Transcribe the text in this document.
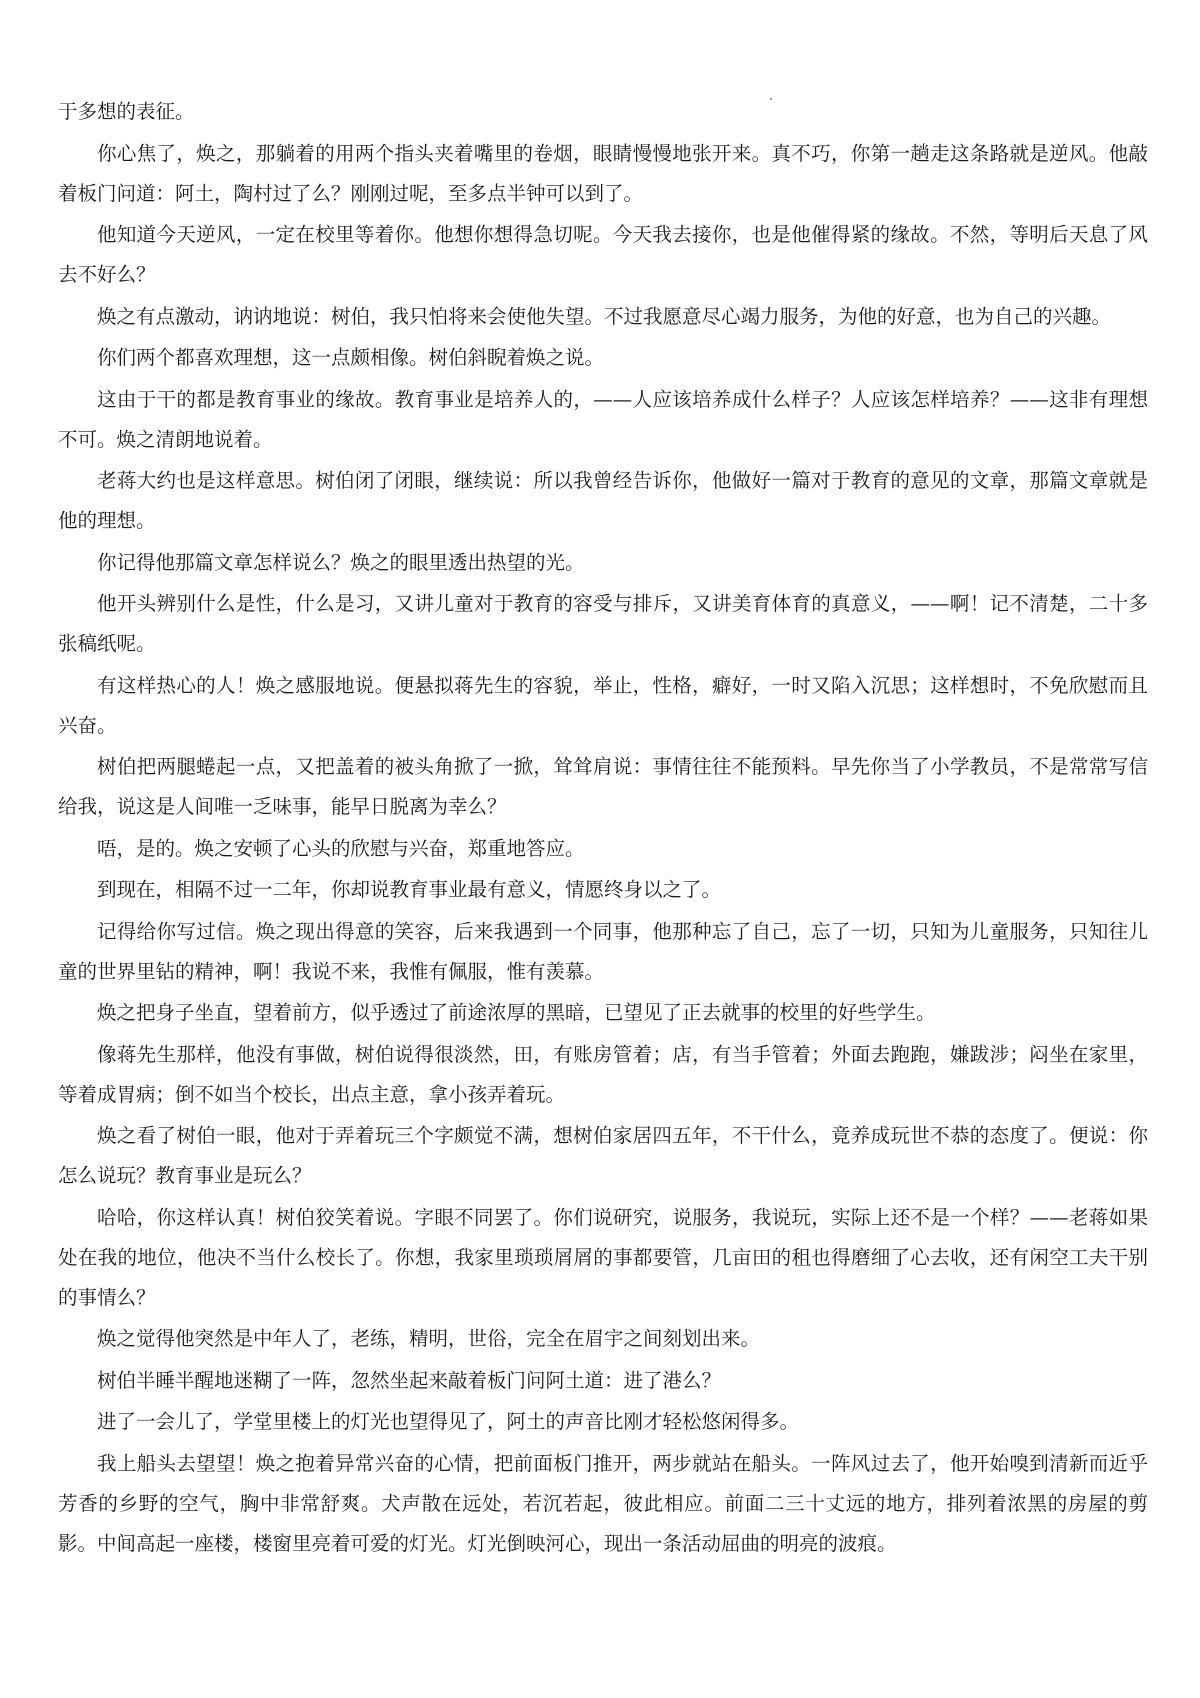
于多想的表征。

你心焦了，焕之，那躺着的用两个指头夹着嘴里的卷烟，眼睛慢慢地张开来。真不巧，你第一趟走这条路就是逆风。他敲着板门问道：阿土，陶村过了么？刚刚过呢，至多点半钟可以到了。

他知道今天逆风，一定在校里等着你。他想你想得急切呢。今天我去接你，也是他催得紧的缘故。不然，等明后天息了风去不好么？

焕之有点激动，讷讷地说：树伯，我只怕将来会使他失望。不过我愿意尽心竭力服务，为他的好意，也为自己的兴趣。

你们两个都喜欢理想，这一点颇相像。树伯斜睨着焕之说。

这由于干的都是教育事业的缘故。教育事业是培养人的，——人应该培养成什么样子？人应该怎样培养？——这非有理想不可。焕之清朗地说着。

老蒋大约也是这样意思。树伯闭了闭眼，继续说：所以我曾经告诉你，他做好一篇对于教育的意见的文章，那篇文章就是他的理想。

你记得他那篇文章怎样说么？焕之的眼里透出热望的光。

他开头辨别什么是性，什么是习，又讲儿童对于教育的容受与排斥，又讲美育体育的真意义，——啊！记不清楚，二十多张稿纸呢。

有这样热心的人！焕之感服地说。便悬拟蒋先生的容貌，举止，性格，癖好，一时又陷入沉思；这样想时，不免欣慰而且兴奋。

树伯把两腿蜷起一点，又把盖着的被头角掀了一掀，耸耸肩说：事情往往不能预料。早先你当了小学教员，不是常常写信给我，说这是人间唯一乏味事，能早日脱离为幸么？

唔，是的。焕之安顿了心头的欣慰与兴奋，郑重地答应。

到现在，相隔不过一二年，你却说教育事业最有意义，情愿终身以之了。

记得给你写过信。焕之现出得意的笑容，后来我遇到一个同事，他那种忘了自己，忘了一切，只知为儿童服务，只知往儿童的世界里钻的精神，啊！我说不来，我惟有佩服，惟有羡慕。

焕之把身子坐直，望着前方，似乎透过了前途浓厚的黑暗，已望见了正去就事的校里的好些学生。

像蒋先生那样，他没有事做，树伯说得很淡然，田，有账房管着；店，有当手管着；外面去跑跑，嫌跋涉；闷坐在家里，等着成胃病；倒不如当个校长，出点主意，拿小孩弄着玩。

焕之看了树伯一眼，他对于弄着玩三个字颇觉不满，想树伯家居四五年，不干什么，竟养成玩世不恭的态度了。便说：你怎么说玩？教育事业是玩么？

哈哈，你这样认真！树伯狡笑着说。字眼不同罢了。你们说研究，说服务，我说玩，实际上还不是一个样？——老蒋如果处在我的地位，他决不当什么校长了。你想，我家里琐琐屑屑的事都要管，几亩田的租也得磨细了心去收，还有闲空工夫干别的事情么？

焕之觉得他突然是中年人了，老练，精明，世俗，完全在眉宇之间刻划出来。

树伯半睡半醒地迷糊了一阵，忽然坐起来敲着板门问阿土道：进了港么？

进了一会儿了，学堂里楼上的灯光也望得见了，阿土的声音比刚才轻松悠闲得多。

我上船头去望望！焕之抱着异常兴奋的心情，把前面板门推开，两步就站在船头。一阵风过去了，他开始嗅到清新而近乎芳香的乡野的空气，胸中非常舒爽。犬声散在远处，若沉若起，彼此相应。前面二三十丈远的地方，排列着浓黑的房屋的剪影。中间高起一座楼，楼窗里亮着可爱的灯光。灯光倒映河心，现出一条活动屈曲的明亮的波痕。
